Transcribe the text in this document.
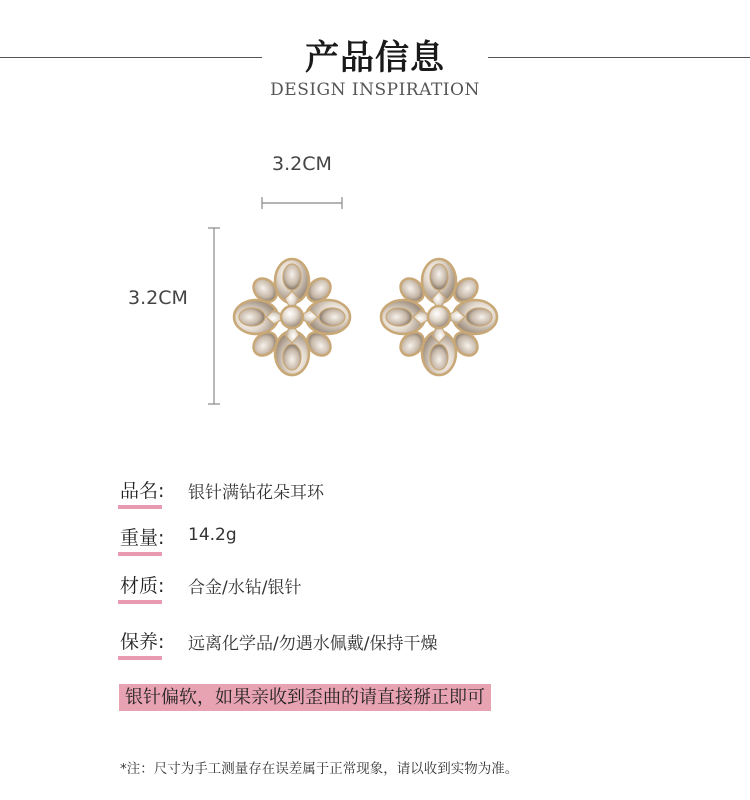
产品信息
DESIGN INSPIRATION
3.2CM
3.2CM
品名: 银针满钻花朵耳环
重量: 14.2g
材质: 合金/水钻/银针
保养: 远离化学品/勿遇水佩戴/保持干燥
银针偏软，如果亲收到歪曲的请直接掰正即可
*注：尺寸为手工测量存在误差属于正常现象，请以收到实物为准。
